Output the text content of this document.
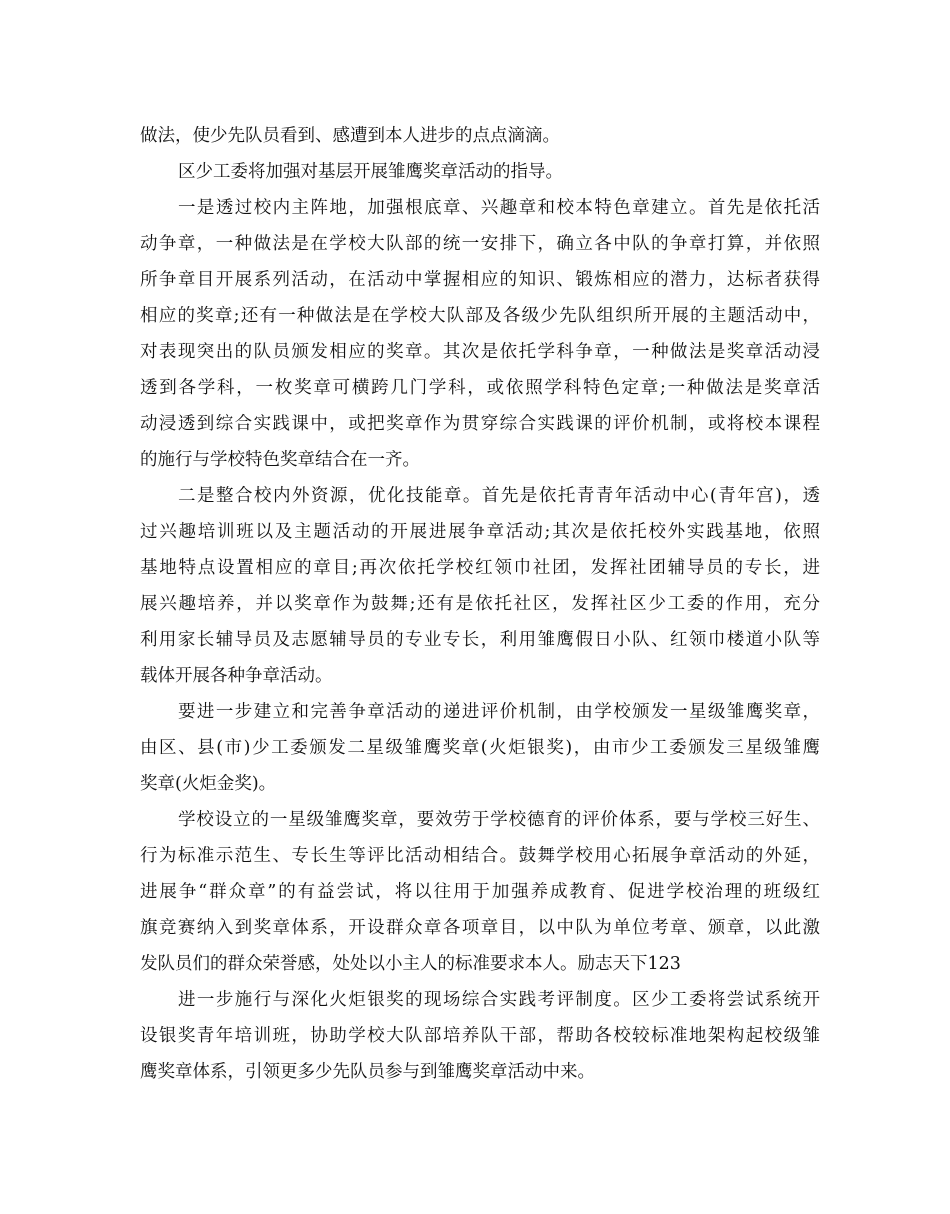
做法，使少先队员看到、感遭到本人进步的点点滴滴。
区少工委将加强对基层开展雏鹰奖章活动的指导。
一是透过校内主阵地，加强根底章、兴趣章和校本特色章建立。首先是依托活
动争章，一种做法是在学校大队部的统一安排下，确立各中队的争章打算，并依照
所争章目开展系列活动，在活动中掌握相应的知识、锻炼相应的潜力，达标者获得
相应的奖章;还有一种做法是在学校大队部及各级少先队组织所开展的主题活动中，
对表现突出的队员颁发相应的奖章。其次是依托学科争章，一种做法是奖章活动浸
透到各学科，一枚奖章可横跨几门学科，或依照学科特色定章;一种做法是奖章活
动浸透到综合实践课中，或把奖章作为贯穿综合实践课的评价机制，或将校本课程
的施行与学校特色奖章结合在一齐。
二是整合校内外资源，优化技能章。首先是依托青青年活动中心(青年宫)，透
过兴趣培训班以及主题活动的开展进展争章活动;其次是依托校外实践基地，依照
基地特点设置相应的章目;再次依托学校红领巾社团，发挥社团辅导员的专长，进
展兴趣培养，并以奖章作为鼓舞;还有是依托社区，发挥社区少工委的作用，充分
利用家长辅导员及志愿辅导员的专业专长，利用雏鹰假日小队、红领巾楼道小队等
载体开展各种争章活动。
要进一步建立和完善争章活动的递进评价机制，由学校颁发一星级雏鹰奖章，
由区、县(市)少工委颁发二星级雏鹰奖章(火炬银奖)，由市少工委颁发三星级雏鹰
奖章(火炬金奖)。
学校设立的一星级雏鹰奖章，要效劳于学校德育的评价体系，要与学校三好生、
行为标准示范生、专长生等评比活动相结合。鼓舞学校用心拓展争章活动的外延，
进展争“群众章”的有益尝试，将以往用于加强养成教育、促进学校治理的班级红
旗竞赛纳入到奖章体系，开设群众章各项章目，以中队为单位考章、颁章，以此激
发队员们的群众荣誉感，处处以小主人的标准要求本人。励志天下123
进一步施行与深化火炬银奖的现场综合实践考评制度。区少工委将尝试系统开
设银奖青年培训班，协助学校大队部培养队干部，帮助各校较标准地架构起校级雏
鹰奖章体系，引领更多少先队员参与到雏鹰奖章活动中来。
